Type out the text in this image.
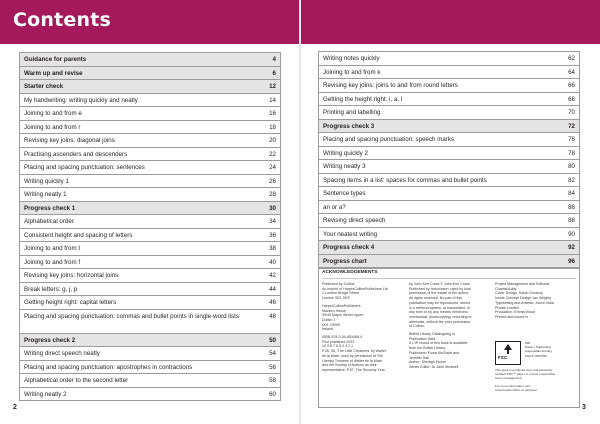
Contents
Guidance for parents	4
Warm up and revise	6
Starter check	12
My handwriting: writing quickly and neatly	14
Joining to and from e	16
Joining to and from r	18
Revising key joins: diagonal joins	20
Practising ascenders and descenders	22
Placing and spacing punctuation: sentences	24
Writing quickly 1	26
Writing neatly 1	28
Progress check 1	30
Alphabetical order	34
Consistent height and spacing of letters	36
Joining to and from t	38
Joining to and from f	40
Revising key joins: horizontal joins	42
Break letters: g, j, p	44
Getting height right: capital letters	46
Placing and spacing punctuation: commas and bullet points in single-word lists	48
Progress check 2	50
Writing direct speech neatly	54
Placing and spacing punctuation: apostrophes in contractions	56
Alphabetical order to the second letter	58
Writing neatly 2	60
Writing notes quickly	62
Joining to and from k	64
Revising key joins: joins to and from round letters	66
Getting the height right: i, a, l	68
Printing and labelling	70
Progress check 3	72
Placing and spacing punctuation: speech marks	76
Writing quickly 2	78
Writing neatly 3	80
Spacing items in a list: spaces for commas and bullet points	82
Sentence types	84
an or a?	86
Revising direct speech	88
Your neatest writing	90
Progress check 4	92
Progress chart	96
ACKNOWLEDGEMENTS

Published by Collins

An imprint of HarperCollinsPublishers Ltd

1 London Bridge Street

London SE1 9GF

HarperCollinsPublishers

Macken House

39/40 Mayor Street Upper

Dublin 1

D01 C9W8

Ireland

ISBN 978-0-00-853468-4

First published 2023

10 9 8 7 6 5 4 3 2 1

P.26, 38, 'The Little Creatures' by Walter

de la Mare, used by permission of The

Literary Trustees of Walter de la Mare

and the Society of Authors as their

representative; P.57, The Snowmy Year

by John Keir Cross © John Keir Cross.

Published by Hutchinson, used by kind

permission of the estate of the author.

All rights reserved. No part of this

publication may be reproduced, stored

in a retrieval system, or transmitted, in

any form or by any means, electronic,

mechanical, photocopying, recording or

otherwise, without the prior permission

of Collins.

British Library Cataloguing in

Publication Data

A CIP record of this book is available

from the British Library.

Publishers: Fiona McGlade and

Jennifer Hall

Author: Shelagh Moore

Series Editor: Dr Jane Medwell

Project Management and Editorial:

Chantal Addy

Cover Design: Sarah Duxbury

Inside Concept Design: Ian Wrigley

Typesetting and Artwork: Jouve India

Private Limited

Production: Emma Wood

Printed and bound in

FSC

MIX

Paper | Supporting

responsible forestry

FSC® C007454

This book is produced from independently

certified FSC™ paper to ensure responsible

forest management.

For more information visit:

www.harpercollins.co.uk/green

2	3
